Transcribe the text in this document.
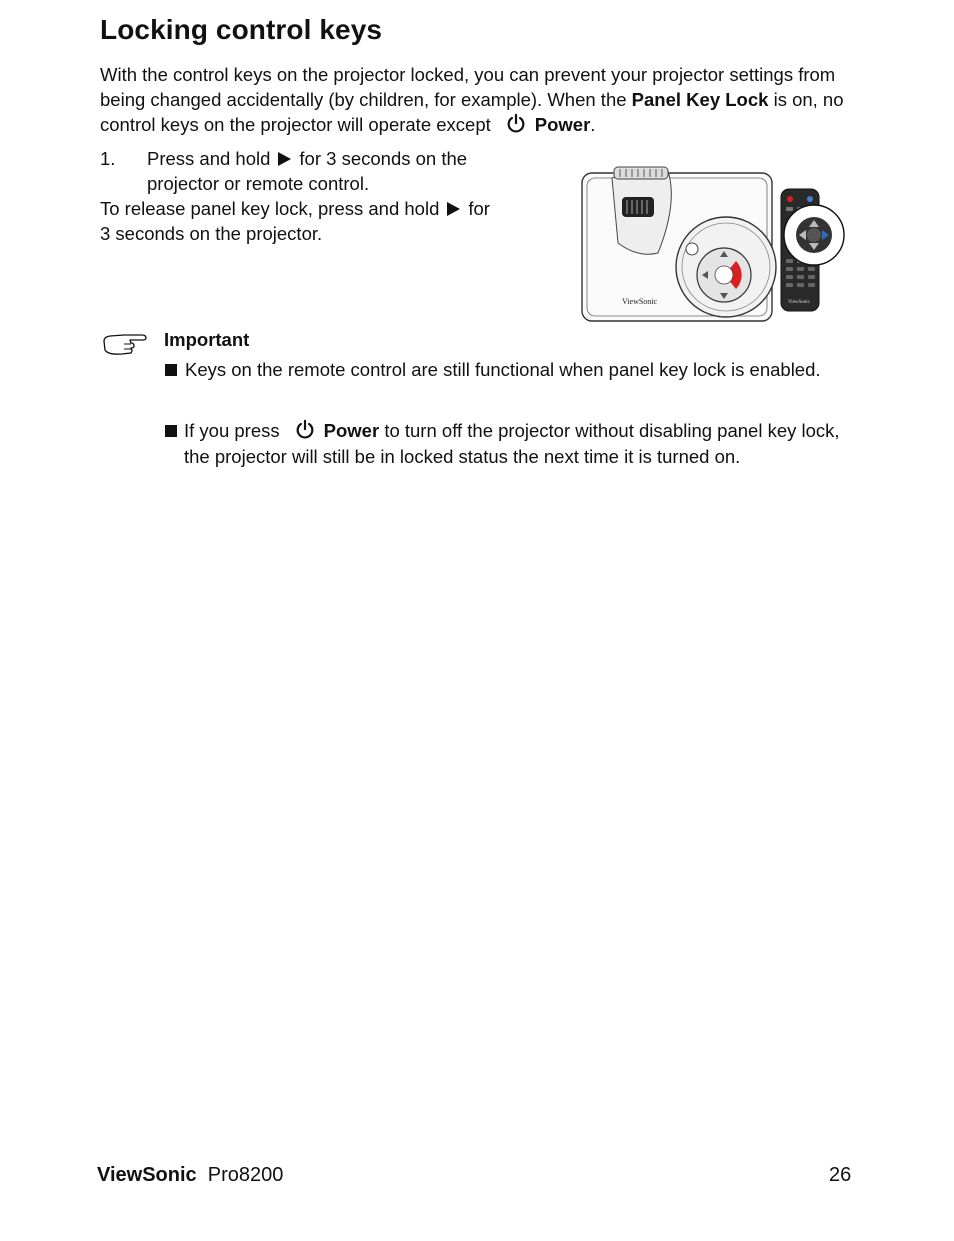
Locking control keys
With the control keys on the projector locked, you can prevent your projector settings from being changed accidentally (by children, for example). When the Panel Key Lock is on, no control keys on the projector will operate except Power.
1. Press and hold for 3 seconds on the
projector or remote control.
To release panel key lock, press and hold for
3 seconds on the projector.
ViewSonic	ViewSonic
Important
Keys on the remote control are still functional when panel key lock is enabled.
If you press Power to turn off the projector without disabling panel key lock, the projector will still be in locked status the next time it is turned on.
ViewSonic Pro8200	26
